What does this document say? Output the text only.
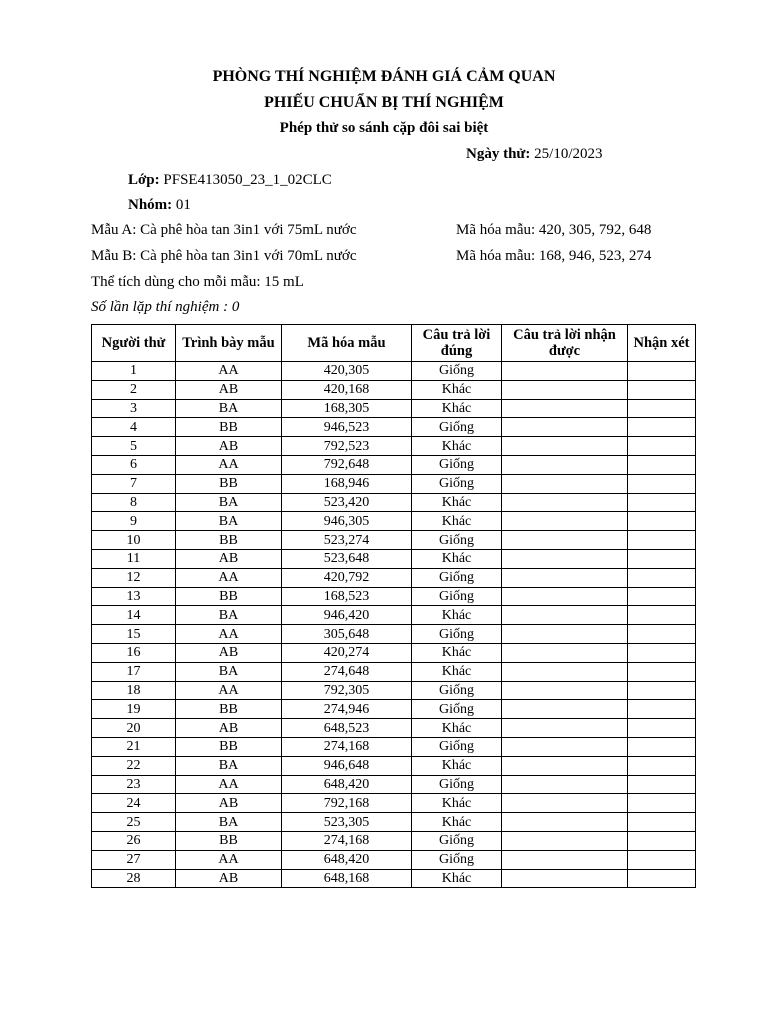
PHÒNG THÍ NGHIỆM ĐÁNH GIÁ CẢM QUAN
PHIẾU CHUẨN BỊ THÍ NGHIỆM
Phép thử so sánh cặp đôi sai biệt
Ngày thử: 25/10/2023
Lớp: PFSE413050_23_1_02CLC
Nhóm: 01
Mẫu A: Cà phê hòa tan 3in1 với 75mL nước	Mã hóa mẫu: 420, 305, 792, 648
Mẫu B: Cà phê hòa tan 3in1 với 70mL nước	Mã hóa mẫu: 168, 946, 523, 274
Thể tích dùng cho mỗi mẫu: 15 mL
Số lần lặp thí nghiệm : 0
Người thử	Trình bày mẫu	Mã hóa mẫu	Câu trả lời đúng	Câu trả lời nhận được	Nhận xét
1	AA	420,305	Giống		
2	AB	420,168	Khác		
3	BA	168,305	Khác		
4	BB	946,523	Giống		
5	AB	792,523	Khác		
6	AA	792,648	Giống		
7	BB	168,946	Giống		
8	BA	523,420	Khác		
9	BA	946,305	Khác		
10	BB	523,274	Giống		
11	AB	523,648	Khác		
12	AA	420,792	Giống		
13	BB	168,523	Giống		
14	BA	946,420	Khác		
15	AA	305,648	Giống		
16	AB	420,274	Khác		
17	BA	274,648	Khác		
18	AA	792,305	Giống		
19	BB	274,946	Giống		
20	AB	648,523	Khác		
21	BB	274,168	Giống		
22	BA	946,648	Khác		
23	AA	648,420	Giống		
24	AB	792,168	Khác		
25	BA	523,305	Khác		
26	BB	274,168	Giống		
27	AA	648,420	Giống		
28	AB	648,168	Khác		
